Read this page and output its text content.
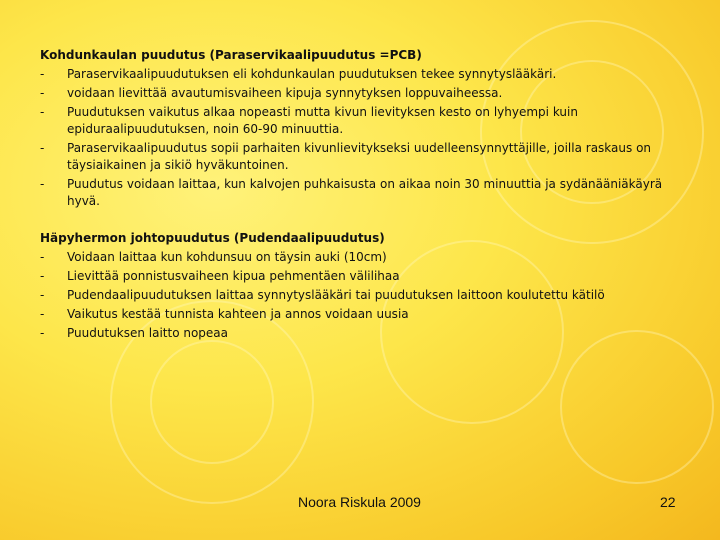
Kohdunkaulan puudutus (Paraservikaalipuudutus =PCB)
-	Paraservikaalipuudutuksen eli kohdunkaulan puudutuksen tekee synnytyslääkäri.
-	voidaan lievittää avautumisvaiheen kipuja synnytyksen loppuvaiheessa.
-	Puudutuksen vaikutus alkaa nopeasti mutta kivun lievityksen kesto on lyhyempi kuin epiduraalipuudutuksen, noin 60-90 minuuttia.
-	Paraservikaalipuudutus sopii parhaiten kivunlievitykseksi uudelleensynnyttäjille, joilla raskaus on täysiaikainen ja sikiö hyväkuntoinen.
-	Puudutus voidaan laittaa, kun kalvojen puhkaisusta on aikaa noin 30 minuuttia ja sydänääniäkäyrä hyvä.
Häpyhermon johtopuudutus (Pudendaalipuudutus)
-	Voidaan laittaa kun kohdunsuu on täysin auki (10cm)
-	Lievittää ponnistusvaiheen kipua pehmentäen välilihaa
-	Pudendaalipuudutuksen laittaa synnytyslääkäri tai puudutuksen laittoon koulutettu kätilö
-	Vaikutus kestää tunnista kahteen ja annos voidaan uusia
-	Puudutuksen laitto nopeaa
Noora Riskula 2009	22
